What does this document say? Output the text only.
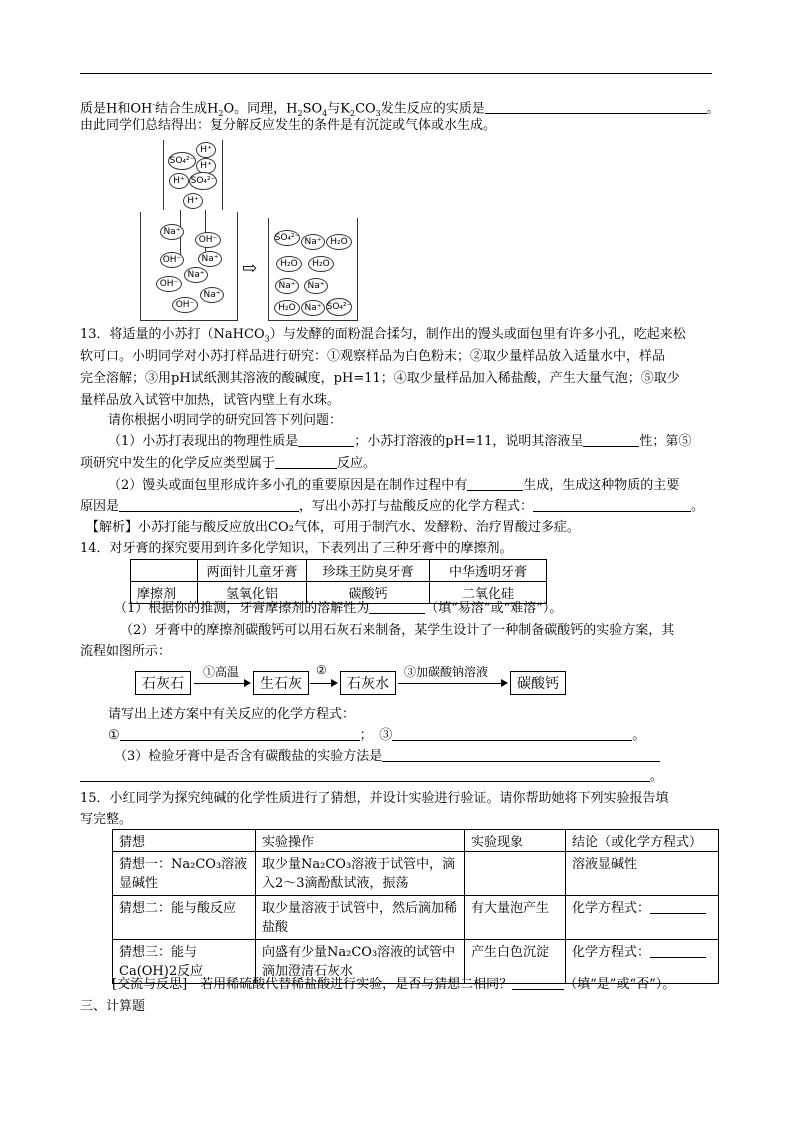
质是H和OH-结合生成$H_2O$。同理，$H_2SO_4$与$K_2CO_3$发生反应的实质是	。
由此同学们总结得出：复分解反应发生的条件是有沉淀或气体或水生成。
H⁺
SO₄²⁻ H⁺
H⁺ SO₄²⁻
H⁺
Na⁺
OH⁻
OH⁻	Na⁺
Na⁺
OH⁻
Na⁺
OH⁻
⇨
SO₄²⁻ Na⁺ H₂O
H₂O	H₂O
Na⁺	Na⁺
H₂O Na⁺ SO₄²⁻
13．将适量的小苏打（NaHCO$_3$）与发酵的面粉混合揉匀，制作出的馒头或面包里有许多小孔，吃起来松
软可口。小明同学对小苏打样品进行研究：①观察样品为白色粉末；②取少量样品放入适量水中，样品
完全溶解；③用pH试纸测其溶液的酸碱度，pH=11；④取少量样品加入稀盐酸，产生大量气泡；⑤取少
量样品放入试管中加热，试管内壁上有水珠。
请你根据小明同学的研究回答下列问题：
（1）小苏打表现出的物理性质是	；小苏打溶液的pH=11，说明其溶液呈	性；第⑤
项研究中发生的化学反应类型属于	反应。
（2）馒头或面包里形成许多小孔的重要原因是在制作过程中有	生成，生成这种物质的主要
原因是	，写出小苏打与盐酸反应的化学方程式：	。
【解析】小苏打能与酸反应放出CO₂气体，可用于制汽水、发酵粉、治疗胃酸过多症。
14．对牙膏的探究要用到许多化学知识，下表列出了三种牙膏中的摩擦剂。
	两面针儿童牙膏	珍珠王防臭牙膏	中华透明牙膏
摩擦剂	氢氧化铝	碳酸钙	二氧化硅
（1）根据你的推测，牙膏摩擦剂的溶解性为	（填“易溶”或“难溶”）。
（2）牙膏中的摩擦剂碳酸钙可以用石灰石来制备，某学生设计了一种制备碳酸钙的实验方案，其
流程如图所示：
石灰石
①高温
生石灰
②
石灰水
③加碳酸钠溶液
碳酸钙
请写出上述方案中有关反应的化学方程式：
①	；　 ③	。
（3）检验牙膏中是否含有碳酸盐的实验方法是
。
15．小红同学为探究纯碱的化学性质进行了猜想，并设计实验进行验证。请你帮助她将下列实验报告填
写完整。
猜想	实验操作	实验现象	结论（或化学方程式）
猜想一：Na₂CO₃溶液显碱性	取少量Na₂CO₃溶液于试管中，滴入2～3滴酚酞试液，振荡		溶液显碱性
猜想二：能与酸反应	取少量溶液于试管中，然后滴加稀盐酸	有大量泡产生	化学方程式：
猜想三：能与Ca(OH)2反应	向盛有少量Na₂CO₃溶液的试管中滴加澄清石灰水	产生白色沉淀	化学方程式：
[交流与反思]　若用稀硫酸代替稀盐酸进行实验，是否与猜想二相同？	（填“是”或“否”）。
三、计算题
